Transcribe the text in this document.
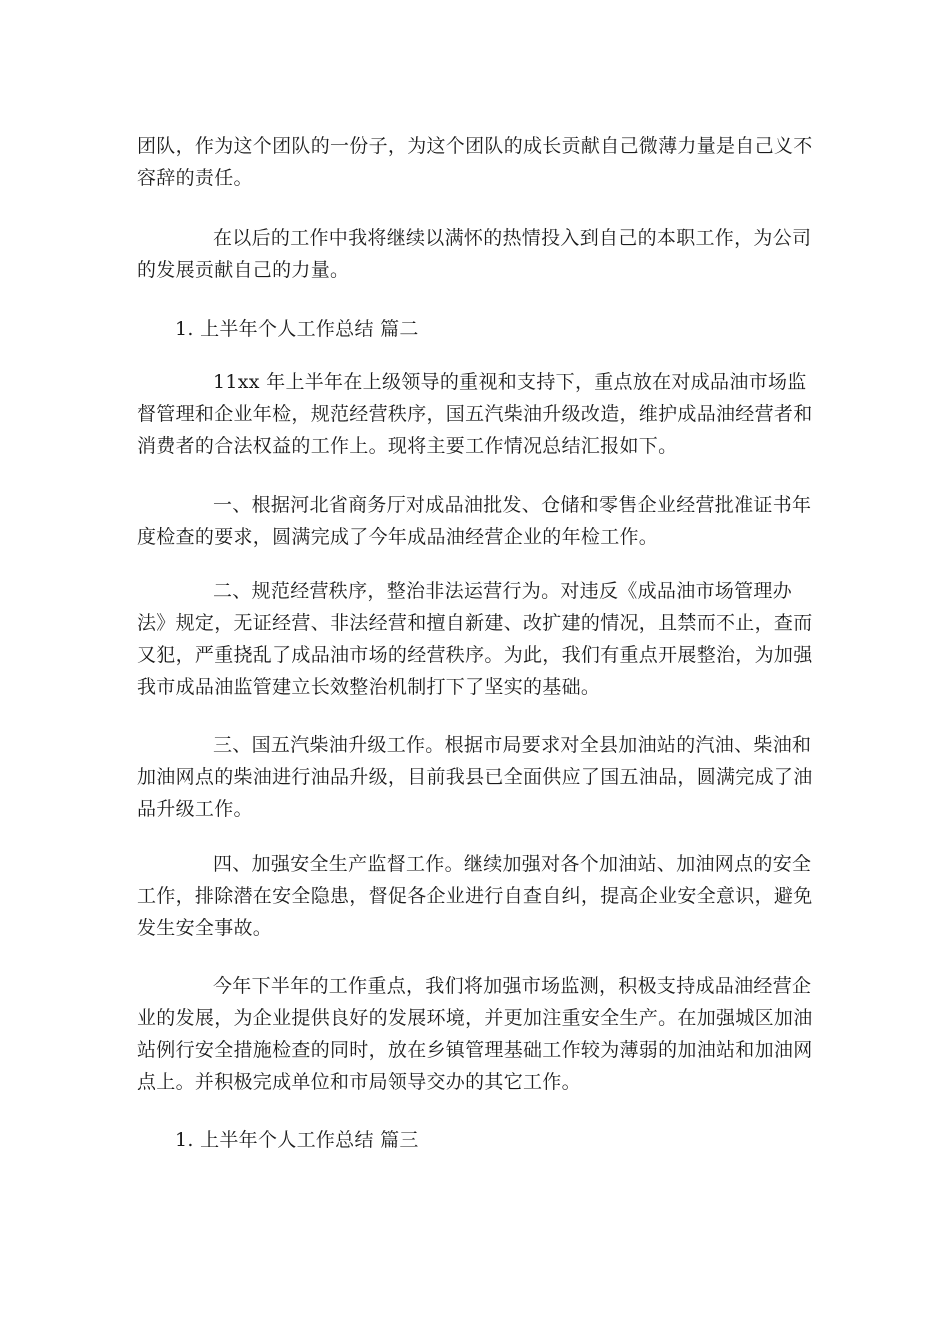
团队，作为这个团队的一份子，为这个团队的成长贡献自己微薄力量是自己义不容辞的责任。

在以后的工作中我将继续以满怀的热情投入到自己的本职工作，为公司的发展贡献自己的力量。

1. 上半年个人工作总结 篇二

11xx 年上半年在上级领导的重视和支持下，重点放在对成品油市场监督管理和企业年检，规范经营秩序，国五汽柴油升级改造，维护成品油经营者和消费者的合法权益的工作上。现将主要工作情况总结汇报如下。

一、根据河北省商务厅对成品油批发、仓储和零售企业经营批准证书年度检查的要求，圆满完成了今年成品油经营企业的年检工作。

二、规范经营秩序，整治非法运营行为。对违反《成品油市场管理办法》规定，无证经营、非法经营和擅自新建、改扩建的情况，且禁而不止，查而又犯，严重挠乱了成品油市场的经营秩序。为此，我们有重点开展整治，为加强我市成品油监管建立长效整治机制打下了坚实的基础。

三、国五汽柴油升级工作。根据市局要求对全县加油站的汽油、柴油和加油网点的柴油进行油品升级，目前我县已全面供应了国五油品，圆满完成了油品升级工作。

四、加强安全生产监督工作。继续加强对各个加油站、加油网点的安全工作，排除潜在安全隐患，督促各企业进行自查自纠，提高企业安全意识，避免发生安全事故。

今年下半年的工作重点，我们将加强市场监测，积极支持成品油经营企业的发展，为企业提供良好的发展环境，并更加注重安全生产。在加强城区加油站例行安全措施检查的同时，放在乡镇管理基础工作较为薄弱的加油站和加油网点上。并积极完成单位和市局领导交办的其它工作。

1. 上半年个人工作总结 篇三
